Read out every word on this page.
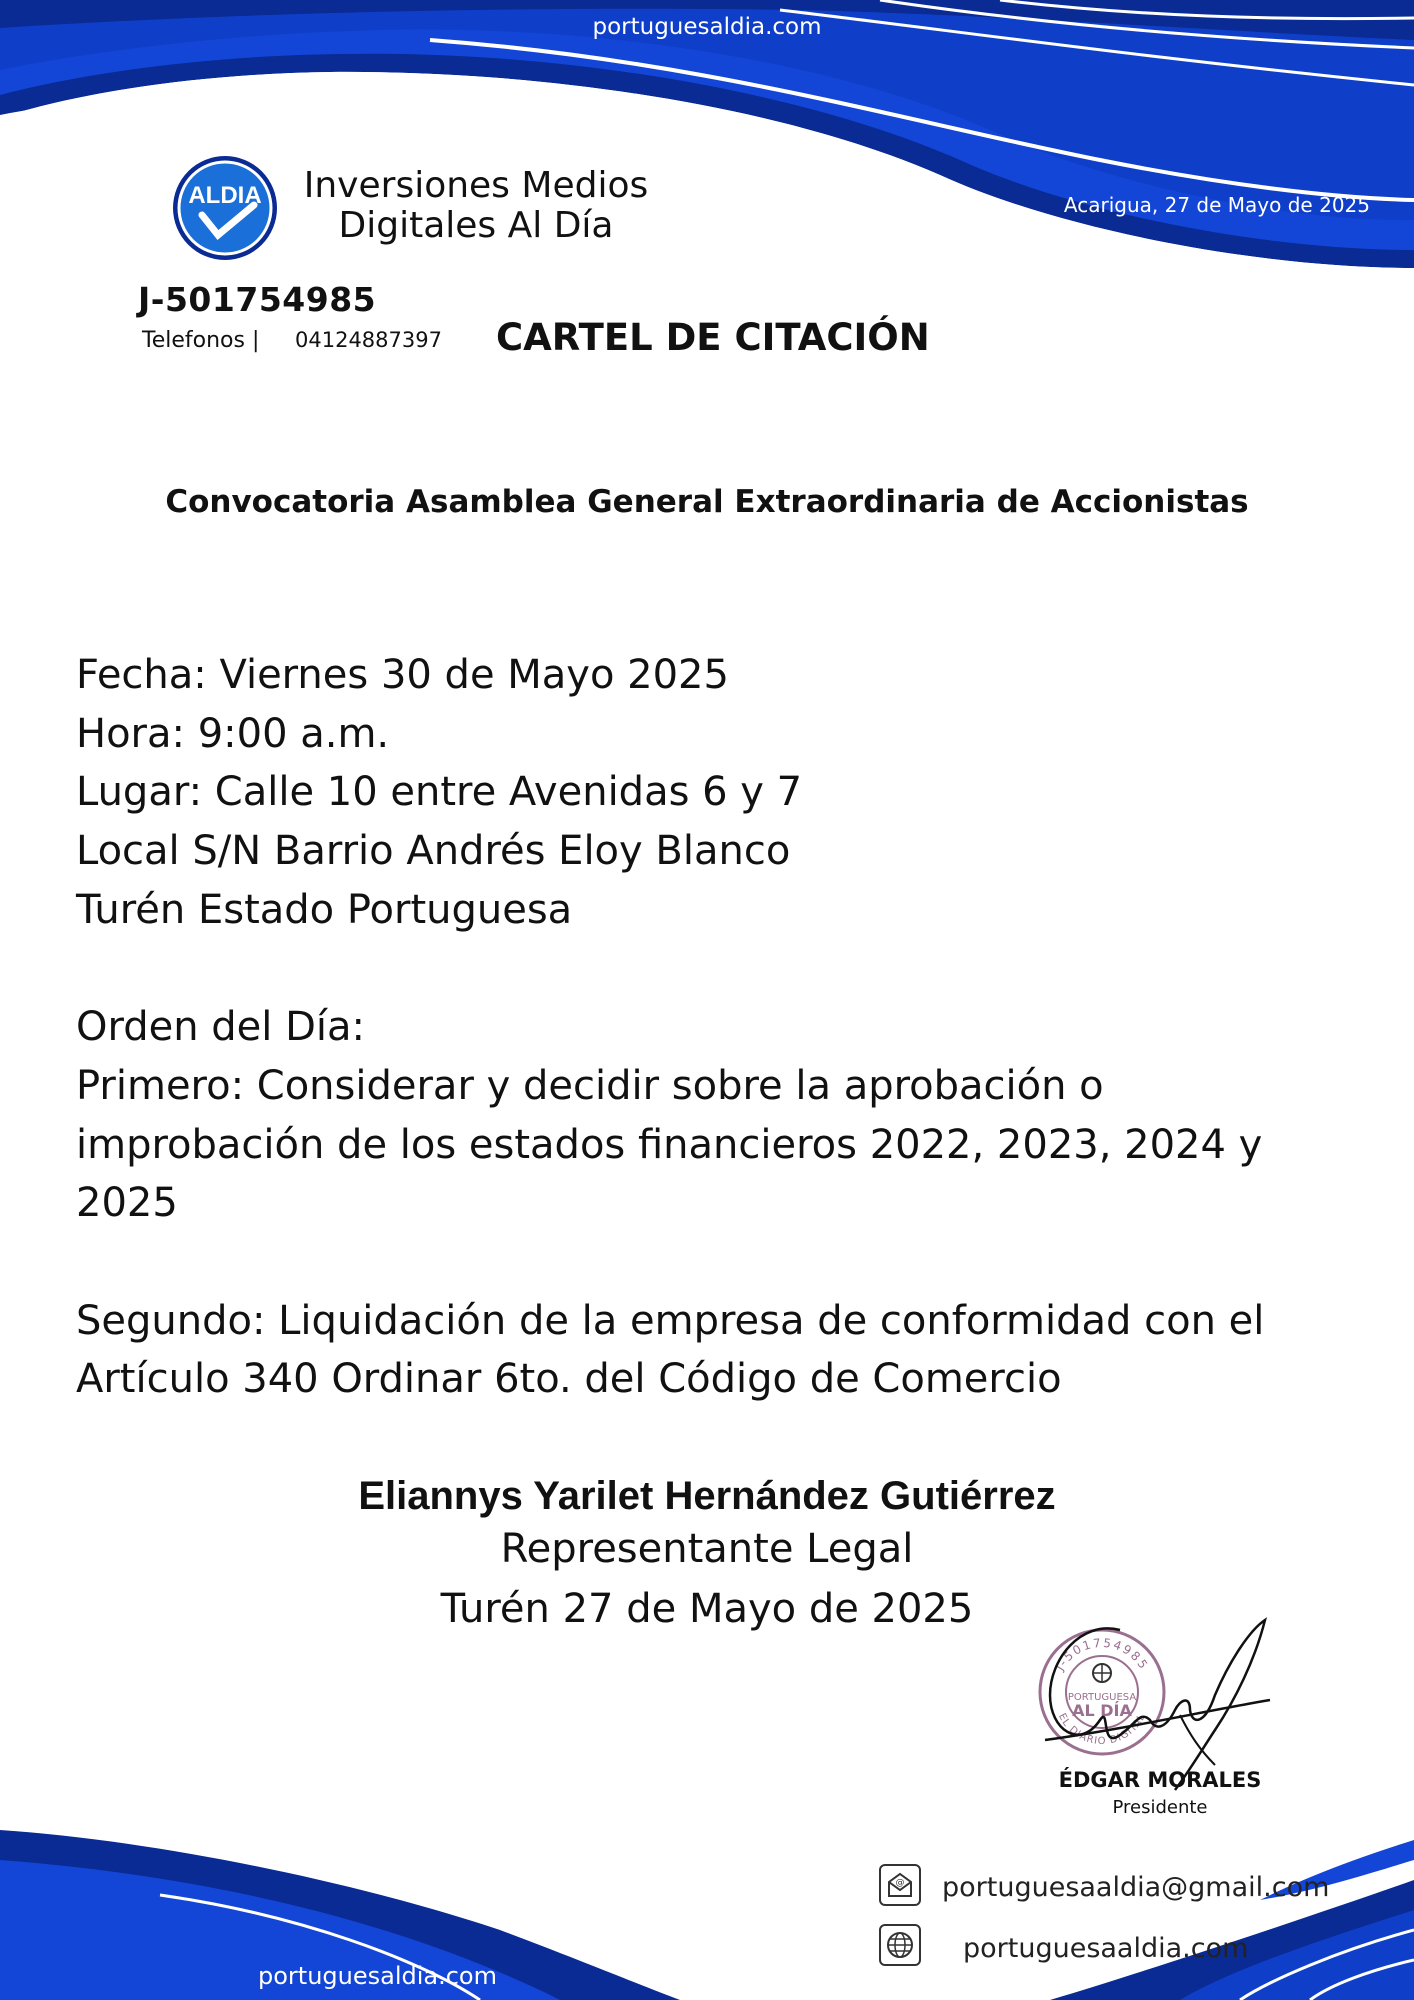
portuguesaldia.com
ALDIA Inversiones Medios
Digitales Al Día	Acarigua, 27 de Mayo de 2025
J-501754985
Telefonos | 04124887397 CARTEL DE CITACIÓN
Convocatoria Asamblea General Extraordinaria de Accionistas

Fecha: Viernes 30 de Mayo 2025

Hora: 9:00 a.m.

Lugar: Calle 10 entre Avenidas 6 y 7

Local S/N Barrio Andrés Eloy Blanco

Turén Estado Portuguesa

Orden del Día:

Primero: Considerar y decidir sobre la aprobación o

improbación de los estados financieros 2022, 2023, 2024 y

2025

Segundo: Liquidación de la empresa de conformidad con el

Artículo 340 Ordinar 6to. del Código de Comercio

Eliannys Yarilet Hernández Gutiérrez
Representante Legal
Turén 27 de Mayo de 2025
J-501754985
EL DIARIO DIGITAL
PORTUGUESA
AL DÍA
ÉDGAR MORALES
Presidente
@ portuguesaaldia@gmail.com
portuguesaaldia.com
portuguesaldia.com
